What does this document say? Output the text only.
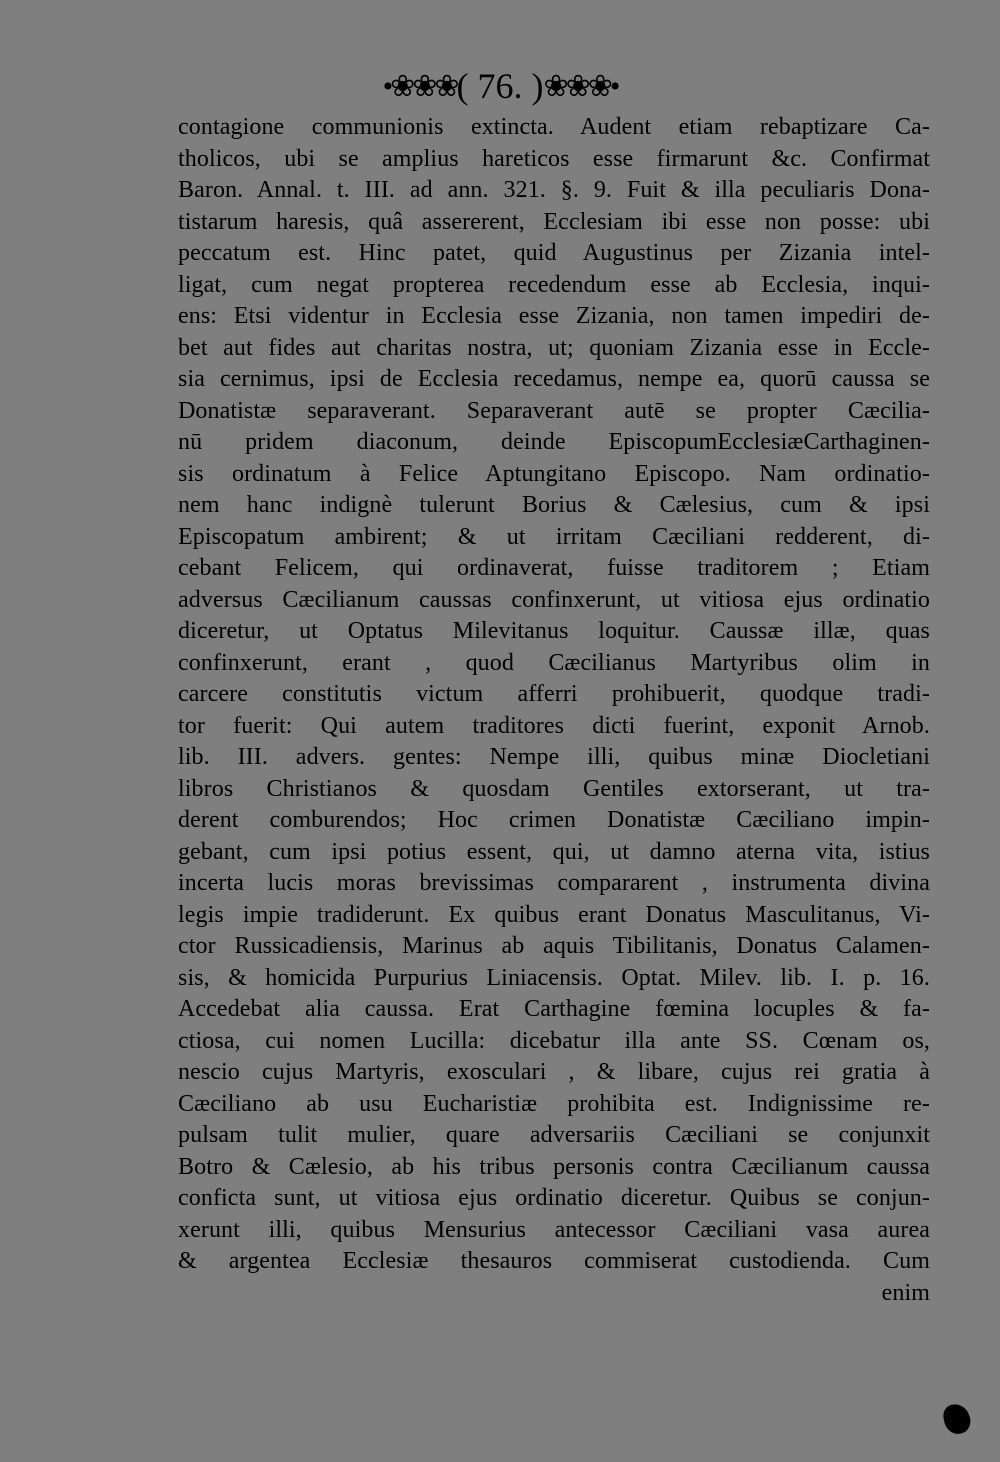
•❀❀❀( 76. )❀❀❀•
contagione communionis extincta. Audent etiam rebaptizare Ca-
tholicos, ubi se amplius hareticos esse firmarunt &c. Confirmat
Baron. Annal. t. III. ad ann. 321. §. 9. Fuit & illa peculiaris Dona-
tistarum haresis, quâ assererent, Ecclesiam ibi esse non posse: ubi
peccatum est. Hinc patet, quid Augustinus per Zizania intel-
ligat, cum negat propterea recedendum esse ab Ecclesia, inqui-
ens: Etsi videntur in Ecclesia esse Zizania, non tamen impediri de-
bet aut fides aut charitas nostra, ut; quoniam Zizania esse in Eccle-
sia cernimus, ipsi de Ecclesia recedamus, nempe ea, quorū caussa se
Donatistæ separaverant. Separaverant autē se propter Cæcilia-
nū pridem diaconum, deinde EpiscopumEcclesiæCarthaginen-
sis ordinatum à Felice Aptungitano Episcopo. Nam ordinatio-
nem hanc indignè tulerunt Borius & Cælesius, cum & ipsi
Episcopatum ambirent; & ut irritam Cæciliani redderent, di-
cebant Felicem, qui ordinaverat, fuisse traditorem ; Etiam
adversus Cæcilianum caussas confinxerunt, ut vitiosa ejus ordinatio
diceretur, ut Optatus Milevitanus loquitur. Caussæ illæ, quas
confinxerunt, erant , quod Cæcilianus Martyribus olim in
carcere constitutis victum afferri prohibuerit, quodque tradi-
tor fuerit: Qui autem traditores dicti fuerint, exponit Arnob.
lib. III. advers. gentes: Nempe illi, quibus minæ Diocletiani
libros Christianos & quosdam Gentiles extorserant, ut tra-
derent comburendos; Hoc crimen Donatistæ Cæciliano impin-
gebant, cum ipsi potius essent, qui, ut damno aterna vita, istius
incerta lucis moras brevissimas compararent , instrumenta divina
legis impie tradiderunt. Ex quibus erant Donatus Masculitanus, Vi-
ctor Russicadiensis, Marinus ab aquis Tibilitanis, Donatus Calamen-
sis, & homicida Purpurius Liniacensis. Optat. Milev. lib. I. p. 16.
Accedebat alia caussa. Erat Carthagine fœmina locuples & fa-
ctiosa, cui nomen Lucilla: dicebatur illa ante SS. Cœnam os,
nescio cujus Martyris, exosculari , & libare, cujus rei gratia à
Cæciliano ab usu Eucharistiæ prohibita est. Indignissime re-
pulsam tulit mulier, quare adversariis Cæciliani se conjunxit
Botro & Cælesio, ab his tribus personis contra Cæcilianum caussa
conficta sunt, ut vitiosa ejus ordinatio diceretur. Quibus se conjun-
xerunt illi, quibus Mensurius antecessor Cæciliani vasa aurea
& argentea Ecclesiæ thesauros commiserat custodienda. Cum
enim
